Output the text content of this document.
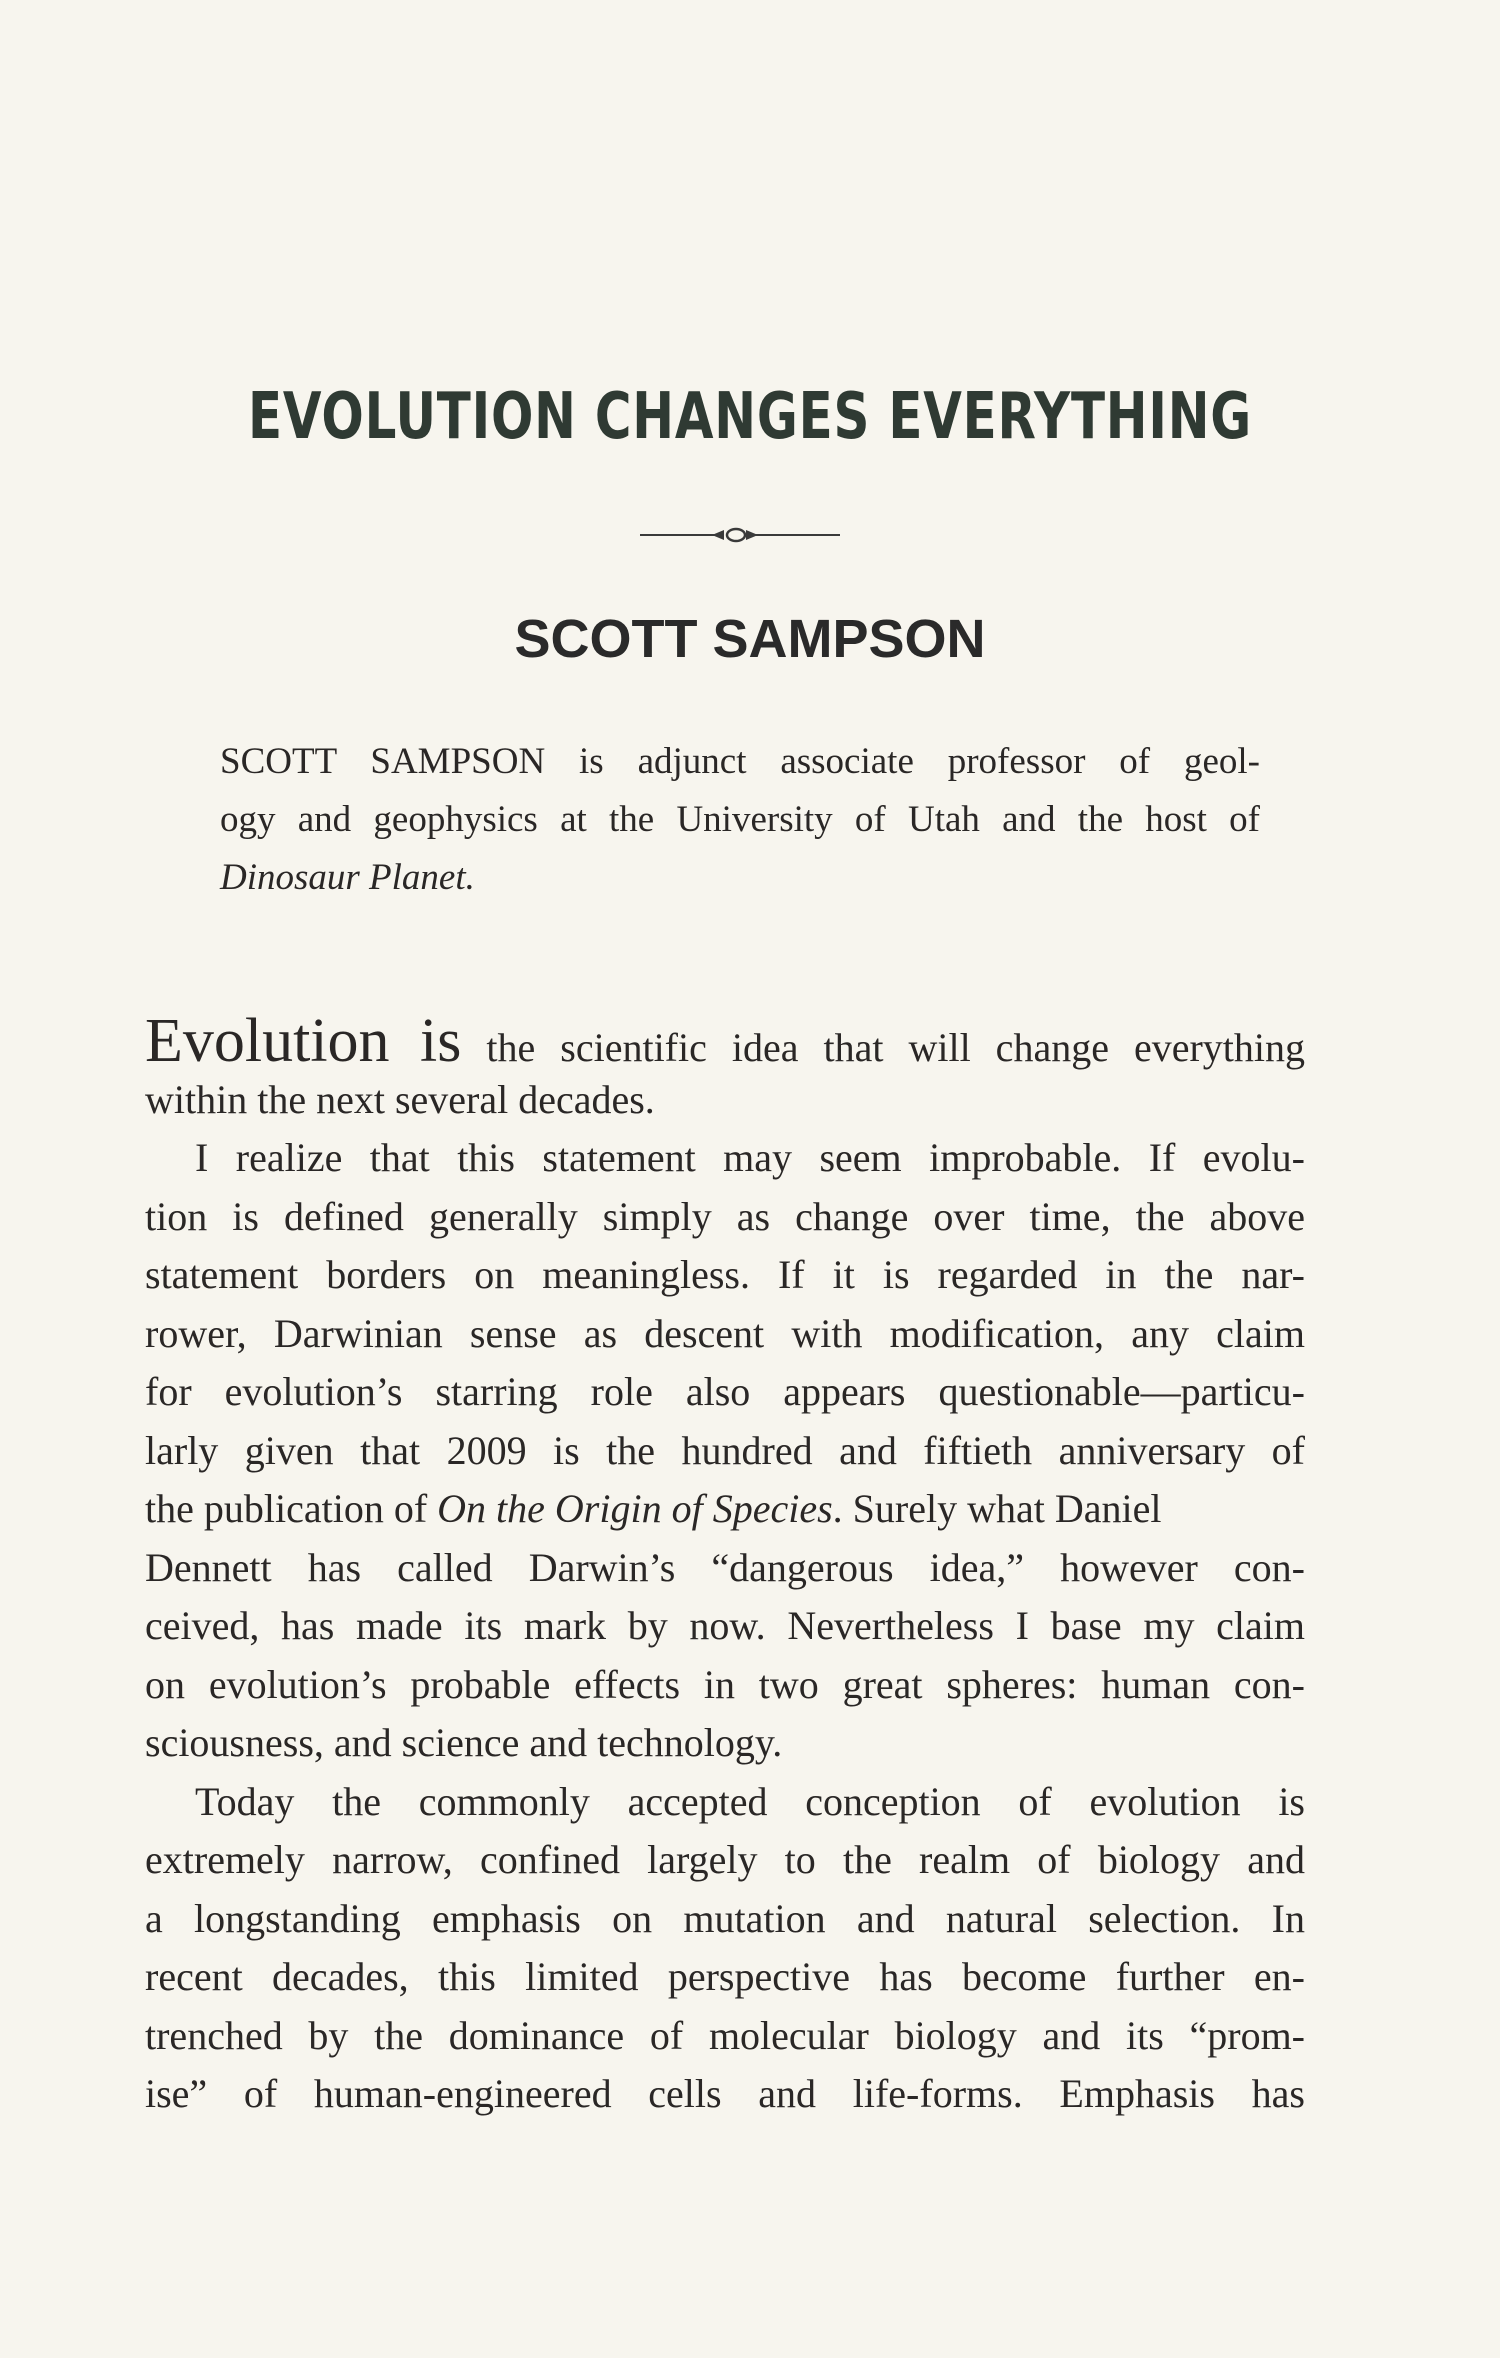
EVOLUTION CHANGES EVERYTHING
SCOTT SAMPSON
SCOTT SAMPSON is adjunct associate professor of geol-
ogy and geophysics at the University of Utah and the host of
Dinosaur Planet.
Evolution is the scientific idea that will change everything
within the next several decades.
I realize that this statement may seem improbable. If evolu-
tion is defined generally simply as change over time, the above
statement borders on meaningless. If it is regarded in the nar-
rower, Darwinian sense as descent with modification, any claim
for evolution’s starring role also appears questionable—particu-
larly given that 2009 is the hundred and fiftieth anniversary of
the publication of On the Origin of Species. Surely what Daniel
Dennett has called Darwin’s “dangerous idea,” however con-
ceived, has made its mark by now. Nevertheless I base my claim
on evolution’s probable effects in two great spheres: human con-
sciousness, and science and technology.
Today the commonly accepted conception of evolution is
extremely narrow, confined largely to the realm of biology and
a longstanding emphasis on mutation and natural selection. In
recent decades, this limited perspective has become further en-
trenched by the dominance of molecular biology and its “prom-
ise” of human-engineered cells and life-forms. Emphasis has
